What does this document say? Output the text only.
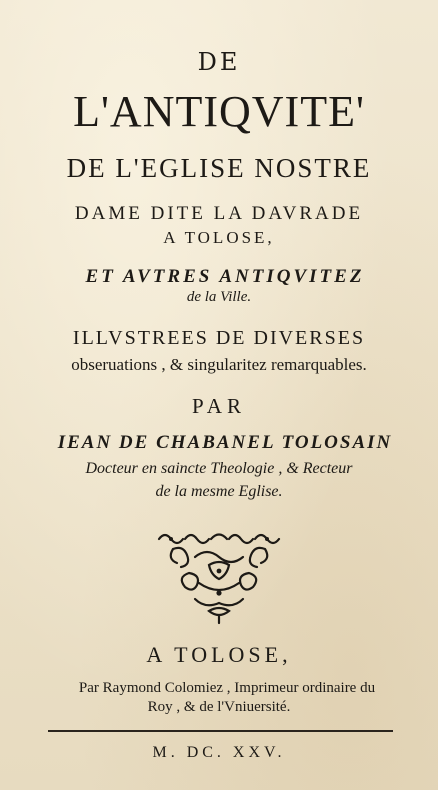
DE
L'ANTIQVITE'
DE L'EGLISE NOSTRE
DAME DITE LA DAVRADE
A TOLOSE,
ET AVTRES ANTIQVITEZ
de la Ville.
ILLVSTREES DE DIVERSES
obseruations , & singularitez remarquables.
PAR
IEAN DE CHABANEL TOLOSAIN
Docteur en saincte Theologie , & Recteur
de la mesme Eglise.
A TOLOSE,
Par Raymond Colomiez , Imprimeur ordinaire du
Roy , & de l'Vniuersité.
M. DC. XXV.
